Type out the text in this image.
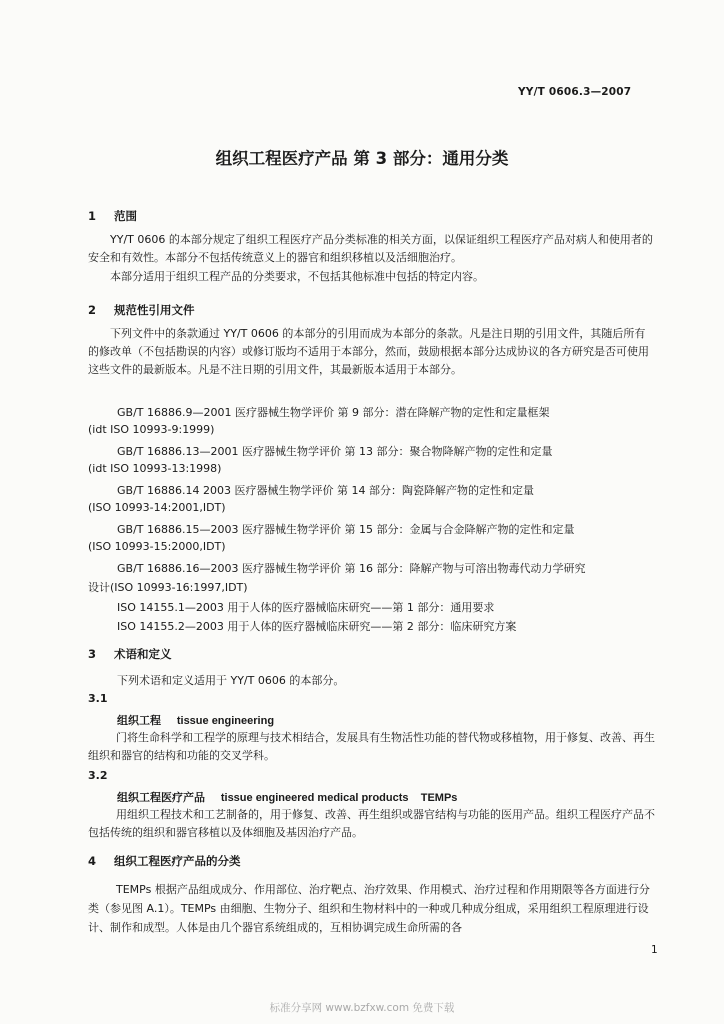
YY/T 0606.3—2007
组织工程医疗产品 第 3 部分：通用分类
1 范围

YY/T 0606 的本部分规定了组织工程医疗产品分类标准的相关方面，以保证组织工程医疗产品对病人和使用者的安全和有效性。本部分不包括传统意义上的器官和组织移植以及活细胞治疗。

本部分适用于组织工程产品的分类要求，不包括其他标准中包括的特定内容。

2 规范性引用文件

下列文件中的条款通过 YY/T 0606 的本部分的引用而成为本部分的条款。凡是注日期的引用文件，其随后所有的修改单（不包括勘误的内容）或修订版均不适用于本部分，然而，鼓励根据本部分达成协议的各方研究是否可使用这些文件的最新版本。凡是不注日期的引用文件，其最新版本适用于本部分。

GB/T 16886.9—2001 医疗器械生物学评价 第 9 部分：潜在降解产物的定性和定量框架
(idt ISO 10993-9:1999)
GB/T 16886.13—2001 医疗器械生物学评价 第 13 部分：聚合物降解产物的定性和定量
(idt ISO 10993-13:1998)
GB/T 16886.14 2003 医疗器械生物学评价 第 14 部分：陶瓷降解产物的定性和定量
(ISO 10993-14:2001,IDT)
GB/T 16886.15—2003 医疗器械生物学评价 第 15 部分：金属与合金降解产物的定性和定量
(ISO 10993-15:2000,IDT)
GB/T 16886.16—2003 医疗器械生物学评价 第 16 部分：降解产物与可溶出物毒代动力学研究
设计(ISO 10993-16:1997,IDT)
ISO 14155.1—2003 用于人体的医疗器械临床研究——第 1 部分：通用要求
ISO 14155.2—2003 用于人体的医疗器械临床研究——第 2 部分：临床研究方案
3 术语和定义
下列术语和定义适用于 YY/T 0606 的本部分。
3.1
组织工程 tissue engineering

门将生命科学和工程学的原理与技术相结合，发展具有生物活性功能的替代物或移植物，用于修复、改善、再生组织和器官的结构和功能的交叉学科。

3.2
组织工程医疗产品 tissue engineered medical products    TEMPs

用组织工程技术和工艺制备的，用于修复、改善、再生组织或器官结构与功能的医用产品。组织工程医疗产品不包括传统的组织和器官移植以及体细胞及基因治疗产品。

4 组织工程医疗产品的分类

TEMPs 根据产品组成成分、作用部位、治疗靶点、治疗效果、作用模式、治疗过程和作用期限等各方面进行分类（参见图 A.1）。TEMPs 由细胞、生物分子、组织和生物材料中的一种或几种成分组成，采用组织工程原理进行设计、制作和成型。人体是由几个器官系统组成的，互相协调完成生命所需的各

1
标准分享网 www.bzfxw.com 免费下载
